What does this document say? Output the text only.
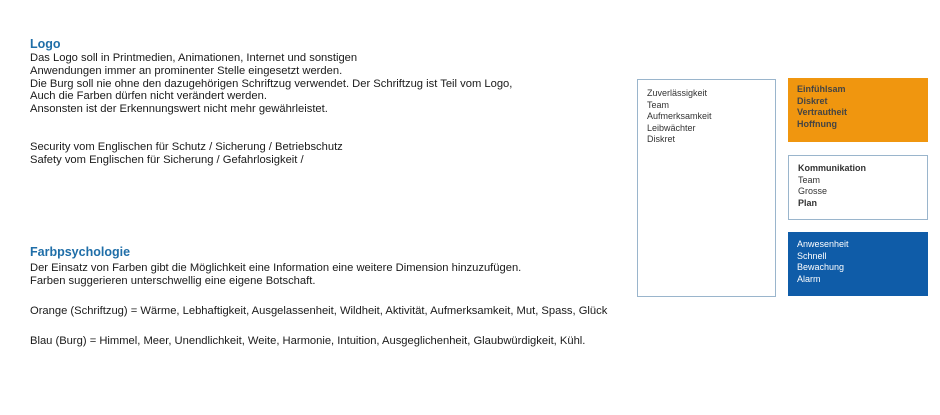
Logo
Das Logo soll in Printmedien, Animationen, Internet und sonstigen
Anwendungen immer an prominenter Stelle eingesetzt werden.
Die Burg soll nie ohne den dazugehörigen Schriftzug verwendet. Der Schriftzug ist Teil vom Logo,
Auch die Farben dürfen nicht verändert werden.
Ansonsten ist der Erkennungswert nicht mehr gewährleistet.
Security vom Englischen für Schutz / Sicherung / Betriebschutz
Safety vom Englischen für Sicherung / Gefahrlosigkeit /
Farbpsychologie
Der Einsatz von Farben gibt die Möglichkeit eine Information eine weitere Dimension hinzuzufügen.
Farben suggerieren unterschwellig eine eigene Botschaft.
Orange (Schriftzug) = Wärme, Lebhaftigkeit, Ausgelassenheit, Wildheit, Aktivität, Aufmerksamkeit, Mut, Spass, Glück
Blau (Burg) = Himmel, Meer, Unendlichkeit, Weite, Harmonie, Intuition, Ausgeglichenheit, Glaubwürdigkeit, Kühl.
Zuverlässigkeit
Team
Aufmerksamkeit
Leibwächter
Diskret
Einfühlsam
Diskret
Vertrautheit
Hoffnung
Kommunikation
Team
Grosse
Plan
Anwesenheit
Schnell
Bewachung
Alarm
